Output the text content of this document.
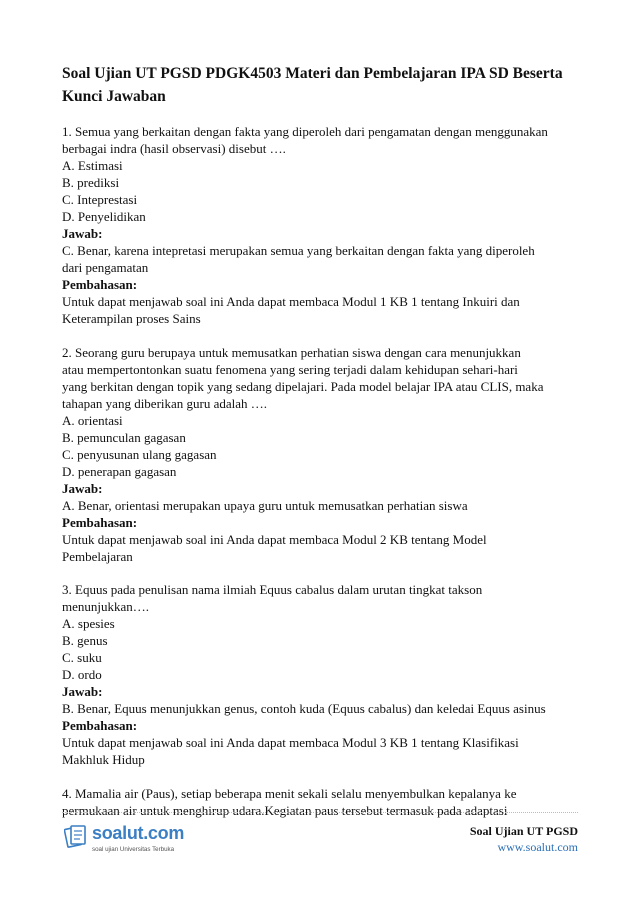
Soal Ujian UT PGSD PDGK4503 Materi dan Pembelajaran IPA SD Beserta
Kunci Jawaban
1. Semua yang berkaitan dengan fakta yang diperoleh dari pengamatan dengan menggunakan
berbagai indra (hasil observasi) disebut ….
A. Estimasi
B. prediksi
C. Inteprestasi
D. Penyelidikan
Jawab:
C. Benar, karena intepretasi merupakan semua yang berkaitan dengan fakta yang diperoleh
dari pengamatan
Pembahasan:
Untuk dapat menjawab soal ini Anda dapat membaca Modul 1 KB 1 tentang Inkuiri dan
Keterampilan proses Sains
2. Seorang guru berupaya untuk memusatkan perhatian siswa dengan cara menunjukkan
atau mempertontonkan suatu fenomena yang sering terjadi dalam kehidupan sehari-hari
yang berkitan dengan topik yang sedang dipelajari. Pada model belajar IPA atau CLIS, maka
tahapan yang diberikan guru adalah ….
A. orientasi
B. pemunculan gagasan
C. penyusunan ulang gagasan
D. penerapan gagasan
Jawab:
A. Benar, orientasi merupakan upaya guru untuk memusatkan perhatian siswa
Pembahasan:
Untuk dapat menjawab soal ini Anda dapat membaca Modul 2 KB tentang Model
Pembelajaran
3. Equus pada penulisan nama ilmiah Equus cabalus dalam urutan tingkat takson
menunjukkan….
A. spesies
B. genus
C. suku
D. ordo
Jawab:
B. Benar, Equus menunjukkan genus, contoh kuda (Equus cabalus) dan keledai Equus asinus
Pembahasan:
Untuk dapat menjawab soal ini Anda dapat membaca Modul 3 KB 1 tentang Klasifikasi
Makhluk Hidup
4. Mamalia air (Paus), setiap beberapa menit sekali selalu menyembulkan kepalanya ke
permukaan air untuk menghirup udara.Kegiatan paus tersebut termasuk pada adaptasi
soalut.com
soal ujian Universitas Terbuka
Soal Ujian UT PGSD
www.soalut.com
